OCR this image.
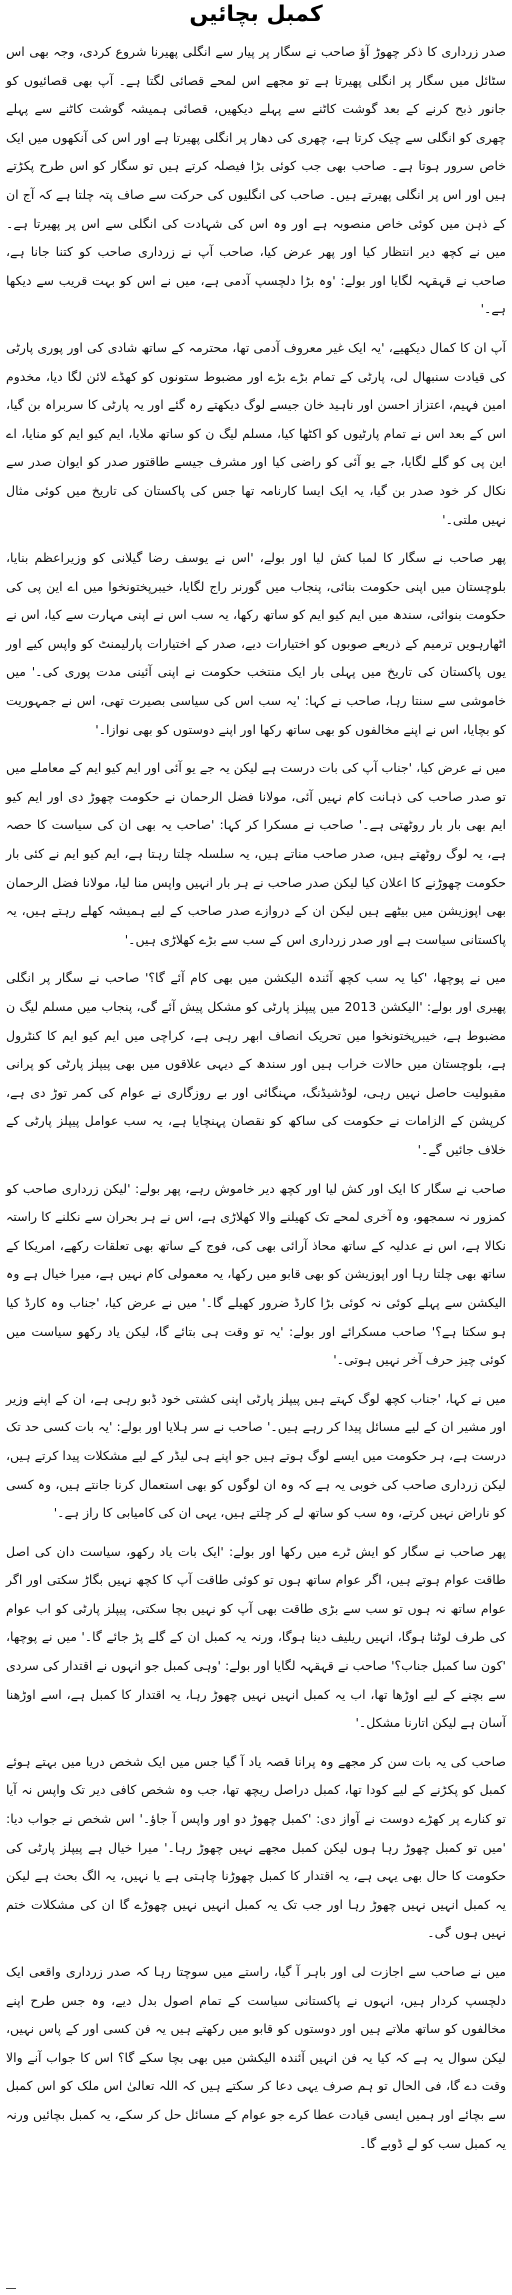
کمبل بچائیں

صدر زرداری کا ذکر چھوڑ آؤ صاحب نے سگار پر پیار سے انگلی پھیرنا شروع کردی، وجہ بھی اس سٹائل میں سگار پر انگلی پھیرتا ہے تو مجھے اس لمحے قصائی لگتا ہے۔ آپ بھی قصائیوں کو جانور ذبح کرنے کے بعد گوشت کاٹنے سے پہلے دیکھیں، قصائی ہمیشہ گوشت کاٹنے سے پہلے چھری کو انگلی سے چیک کرتا ہے، چھری کی دھار پر انگلی پھیرتا ہے اور اس کی آنکھوں میں ایک خاص سرور ہوتا ہے۔ صاحب بھی جب کوئی بڑا فیصلہ کرتے ہیں تو سگار کو اس طرح پکڑتے ہیں اور اس پر انگلی پھیرتے ہیں۔ صاحب کی انگلیوں کی حرکت سے صاف پتہ چلتا ہے کہ آج ان کے ذہن میں کوئی خاص منصوبہ ہے اور وہ اس کی شہادت کی انگلی سے اس پر پھیرتا ہے۔ میں نے کچھ دیر انتظار کیا اور پھر عرض کیا، صاحب آپ نے زرداری صاحب کو کتنا جانا ہے، صاحب نے قہقہہ لگایا اور بولے: 'وہ بڑا دلچسپ آدمی ہے، میں نے اس کو بہت قریب سے دیکھا ہے۔'

آپ ان کا کمال دیکھیے، 'یہ ایک غیر معروف آدمی تھا، محترمہ کے ساتھ شادی کی اور پوری پارٹی کی قیادت سنبھال لی، پارٹی کے تمام بڑے بڑے اور مضبوط ستونوں کو کھڈے لائن لگا دیا، مخدوم امین فہیم، اعتزاز احسن اور ناہید خان جیسے لوگ دیکھتے رہ گئے اور یہ پارٹی کا سربراہ بن گیا، اس کے بعد اس نے تمام پارٹیوں کو اکٹھا کیا، مسلم لیگ ن کو ساتھ ملایا، ایم کیو ایم کو منایا، اے این پی کو گلے لگایا، جے یو آئی کو راضی کیا اور مشرف جیسے طاقتور صدر کو ایوان صدر سے نکال کر خود صدر بن گیا، یہ ایک ایسا کارنامہ تھا جس کی پاکستان کی تاریخ میں کوئی مثال نہیں ملتی۔'

پھر صاحب نے سگار کا لمبا کش لیا اور بولے، 'اس نے یوسف رضا گیلانی کو وزیراعظم بنایا، بلوچستان میں اپنی حکومت بنائی، پنجاب میں گورنر راج لگایا، خیبرپختونخوا میں اے این پی کی حکومت بنوائی، سندھ میں ایم کیو ایم کو ساتھ رکھا، یہ سب اس نے اپنی مہارت سے کیا، اس نے اٹھارہویں ترمیم کے ذریعے صوبوں کو اختیارات دیے، صدر کے اختیارات پارلیمنٹ کو واپس کیے اور یوں پاکستان کی تاریخ میں پہلی بار ایک منتخب حکومت نے اپنی آئینی مدت پوری کی۔' میں خاموشی سے سنتا رہا، صاحب نے کہا: 'یہ سب اس کی سیاسی بصیرت تھی، اس نے جمہوریت کو بچایا، اس نے اپنے مخالفوں کو بھی ساتھ رکھا اور اپنے دوستوں کو بھی نوازا۔'

میں نے عرض کیا، 'جناب آپ کی بات درست ہے لیکن یہ جے یو آئی اور ایم کیو ایم کے معاملے میں تو صدر صاحب کی ذہانت کام نہیں آئی، مولانا فضل الرحمان نے حکومت چھوڑ دی اور ایم کیو ایم بھی بار بار روٹھتی ہے۔' صاحب نے مسکرا کر کہا: 'صاحب یہ بھی ان کی سیاست کا حصہ ہے، یہ لوگ روٹھتے ہیں، صدر صاحب مناتے ہیں، یہ سلسلہ چلتا رہتا ہے، ایم کیو ایم نے کئی بار حکومت چھوڑنے کا اعلان کیا لیکن صدر صاحب نے ہر بار انہیں واپس منا لیا، مولانا فضل الرحمان بھی اپوزیشن میں بیٹھے ہیں لیکن ان کے دروازے صدر صاحب کے لیے ہمیشہ کھلے رہتے ہیں، یہ پاکستانی سیاست ہے اور صدر زرداری اس کے سب سے بڑے کھلاڑی ہیں۔'

میں نے پوچھا، 'کیا یہ سب کچھ آئندہ الیکشن میں بھی کام آئے گا؟' صاحب نے سگار پر انگلی پھیری اور بولے: 'الیکشن 2013 میں پیپلز پارٹی کو مشکل پیش آئے گی، پنجاب میں مسلم لیگ ن مضبوط ہے، خیبرپختونخوا میں تحریک انصاف ابھر رہی ہے، کراچی میں ایم کیو ایم کا کنٹرول ہے، بلوچستان میں حالات خراب ہیں اور سندھ کے دیہی علاقوں میں بھی پیپلز پارٹی کو پرانی مقبولیت حاصل نہیں رہی، لوڈشیڈنگ، مہنگائی اور بے روزگاری نے عوام کی کمر توڑ دی ہے، کرپشن کے الزامات نے حکومت کی ساکھ کو نقصان پہنچایا ہے، یہ سب عوامل پیپلز پارٹی کے خلاف جائیں گے۔'

صاحب نے سگار کا ایک اور کش لیا اور کچھ دیر خاموش رہے، پھر بولے: 'لیکن زرداری صاحب کو کمزور نہ سمجھو، وہ آخری لمحے تک کھیلنے والا کھلاڑی ہے، اس نے ہر بحران سے نکلنے کا راستہ نکالا ہے، اس نے عدلیہ کے ساتھ محاذ آرائی بھی کی، فوج کے ساتھ بھی تعلقات رکھے، امریکا کے ساتھ بھی چلتا رہا اور اپوزیشن کو بھی قابو میں رکھا، یہ معمولی کام نہیں ہے، میرا خیال ہے وہ الیکشن سے پہلے کوئی نہ کوئی بڑا کارڈ ضرور کھیلے گا۔' میں نے عرض کیا، 'جناب وہ کارڈ کیا ہو سکتا ہے؟' صاحب مسکرائے اور بولے: 'یہ تو وقت ہی بتائے گا، لیکن یاد رکھو سیاست میں کوئی چیز حرف آخر نہیں ہوتی۔'

میں نے کہا، 'جناب کچھ لوگ کہتے ہیں پیپلز پارٹی اپنی کشتی خود ڈبو رہی ہے، ان کے اپنے وزیر اور مشیر ان کے لیے مسائل پیدا کر رہے ہیں۔' صاحب نے سر ہلایا اور بولے: 'یہ بات کسی حد تک درست ہے، ہر حکومت میں ایسے لوگ ہوتے ہیں جو اپنے ہی لیڈر کے لیے مشکلات پیدا کرتے ہیں، لیکن زرداری صاحب کی خوبی یہ ہے کہ وہ ان لوگوں کو بھی استعمال کرنا جانتے ہیں، وہ کسی کو ناراض نہیں کرتے، وہ سب کو ساتھ لے کر چلتے ہیں، یہی ان کی کامیابی کا راز ہے۔'

پھر صاحب نے سگار کو ایش ٹرے میں رکھا اور بولے: 'ایک بات یاد رکھو، سیاست دان کی اصل طاقت عوام ہوتے ہیں، اگر عوام ساتھ ہوں تو کوئی طاقت آپ کا کچھ نہیں بگاڑ سکتی اور اگر عوام ساتھ نہ ہوں تو سب سے بڑی طاقت بھی آپ کو نہیں بچا سکتی، پیپلز پارٹی کو اب عوام کی طرف لوٹنا ہوگا، انہیں ریلیف دینا ہوگا، ورنہ یہ کمبل ان کے گلے پڑ جائے گا۔' میں نے پوچھا، 'کون سا کمبل جناب؟' صاحب نے قہقہہ لگایا اور بولے: 'وہی کمبل جو انہوں نے اقتدار کی سردی سے بچنے کے لیے اوڑھا تھا، اب یہ کمبل انہیں نہیں چھوڑ رہا، یہ اقتدار کا کمبل ہے، اسے اوڑھنا آسان ہے لیکن اتارنا مشکل۔'

صاحب کی یہ بات سن کر مجھے وہ پرانا قصہ یاد آ گیا جس میں ایک شخص دریا میں بہتے ہوئے کمبل کو پکڑنے کے لیے کودا تھا، کمبل دراصل ریچھ تھا، جب وہ شخص کافی دیر تک واپس نہ آیا تو کنارے پر کھڑے دوست نے آواز دی: 'کمبل چھوڑ دو اور واپس آ جاؤ۔' اس شخص نے جواب دیا: 'میں تو کمبل چھوڑ رہا ہوں لیکن کمبل مجھے نہیں چھوڑ رہا۔' میرا خیال ہے پیپلز پارٹی کی حکومت کا حال بھی یہی ہے، یہ اقتدار کا کمبل چھوڑنا چاہتی ہے یا نہیں، یہ الگ بحث ہے لیکن یہ کمبل انہیں نہیں چھوڑ رہا اور جب تک یہ کمبل انہیں نہیں چھوڑے گا ان کی مشکلات ختم نہیں ہوں گی۔

میں نے صاحب سے اجازت لی اور باہر آ گیا، راستے میں سوچتا رہا کہ صدر زرداری واقعی ایک دلچسپ کردار ہیں، انہوں نے پاکستانی سیاست کے تمام اصول بدل دیے، وہ جس طرح اپنے مخالفوں کو ساتھ ملاتے ہیں اور دوستوں کو قابو میں رکھتے ہیں یہ فن کسی اور کے پاس نہیں، لیکن سوال یہ ہے کہ کیا یہ فن انہیں آئندہ الیکشن میں بھی بچا سکے گا؟ اس کا جواب آنے والا وقت دے گا، فی الحال تو ہم صرف یہی دعا کر سکتے ہیں کہ اللہ تعالیٰ اس ملک کو اس کمبل سے بچائے اور ہمیں ایسی قیادت عطا کرے جو عوام کے مسائل حل کر سکے، یہ کمبل بچائیں ورنہ یہ کمبل سب کو لے ڈوبے گا۔
